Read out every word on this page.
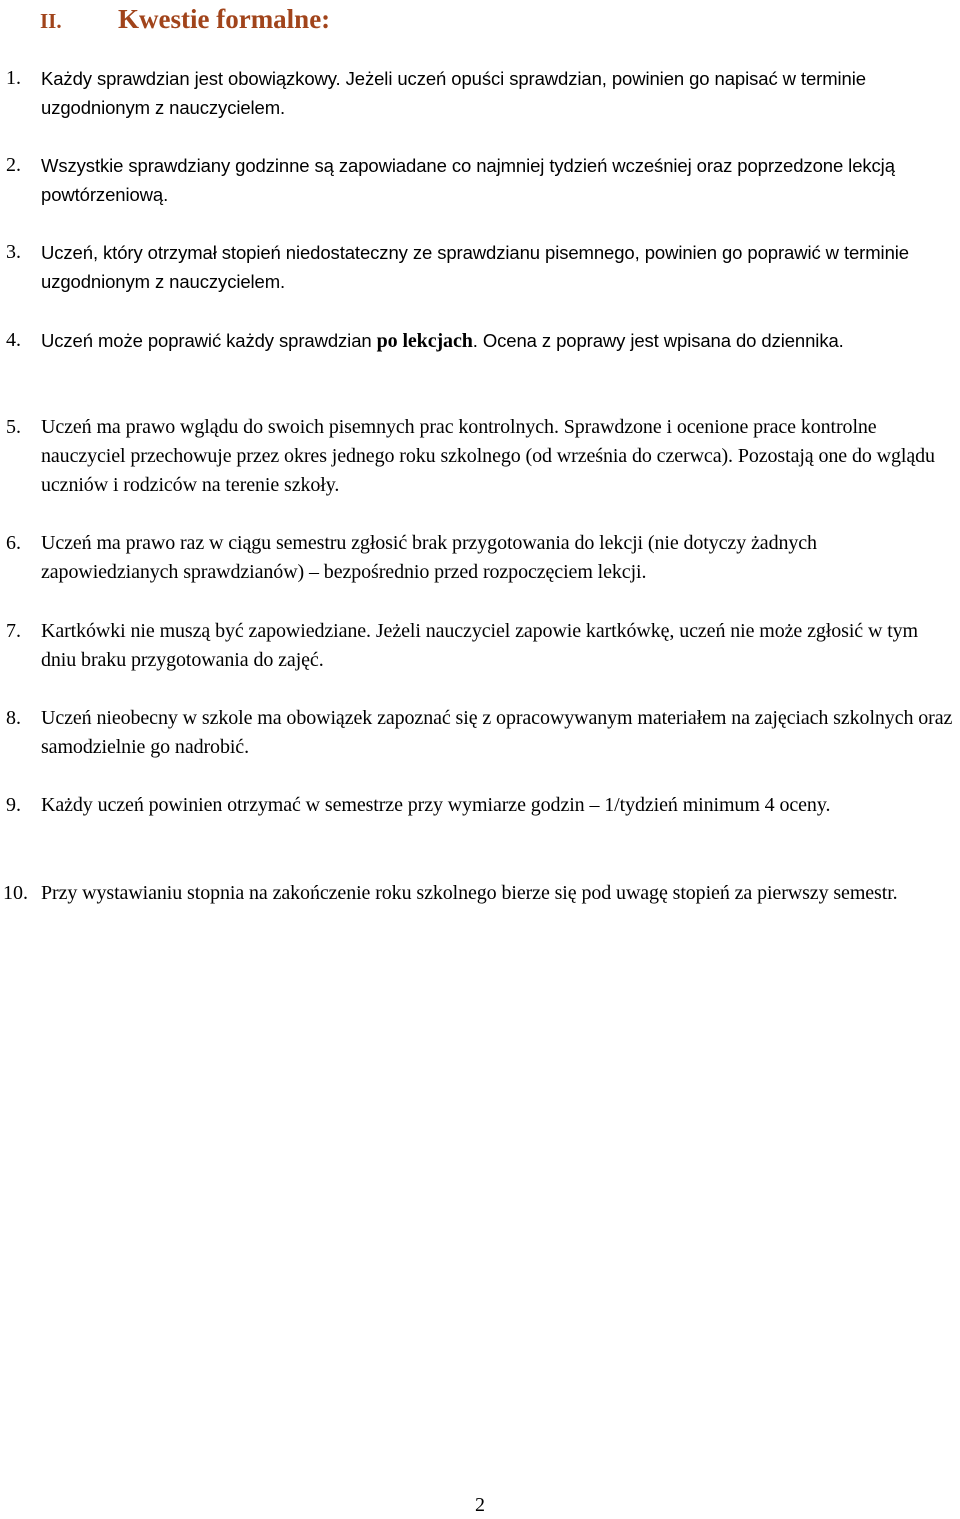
II. Kwestie formalne:
1. Każdy sprawdzian jest obowiązkowy. Jeżeli uczeń opuści sprawdzian, powinien go napisać w terminie uzgodnionym z nauczycielem.
2. Wszystkie sprawdziany godzinne są zapowiadane co najmniej tydzień wcześniej oraz poprzedzone lekcją powtórzeniową.
3. Uczeń, który otrzymał stopień niedostateczny ze sprawdzianu pisemnego, powinien go poprawić w terminie uzgodnionym z nauczycielem.
4. Uczeń może poprawić każdy sprawdzian po lekcjach. Ocena z poprawy jest wpisana do dziennika.
5. Uczeń ma prawo wglądu do swoich pisemnych prac kontrolnych. Sprawdzone i ocenione prace kontrolne nauczyciel przechowuje przez okres jednego roku szkolnego (od września do czerwca). Pozostają one do wglądu uczniów i rodziców na terenie szkoły.
6. Uczeń ma prawo raz w ciągu semestru zgłosić brak przygotowania do lekcji (nie dotyczy żadnych zapowiedzianych sprawdzianów) – bezpośrednio przed rozpoczęciem lekcji.
7. Kartkówki nie muszą być zapowiedziane. Jeżeli nauczyciel zapowie kartkówkę, uczeń nie może zgłosić w tym dniu braku przygotowania do zajęć.
8. Uczeń nieobecny w szkole ma obowiązek zapoznać się z opracowywanym materiałem na zajęciach szkolnych oraz samodzielnie go nadrobić.
9. Każdy uczeń powinien otrzymać w semestrze przy wymiarze godzin – 1/tydzień minimum 4 oceny.
10. Przy wystawianiu stopnia na zakończenie roku szkolnego bierze się pod uwagę stopień za pierwszy semestr.
2
